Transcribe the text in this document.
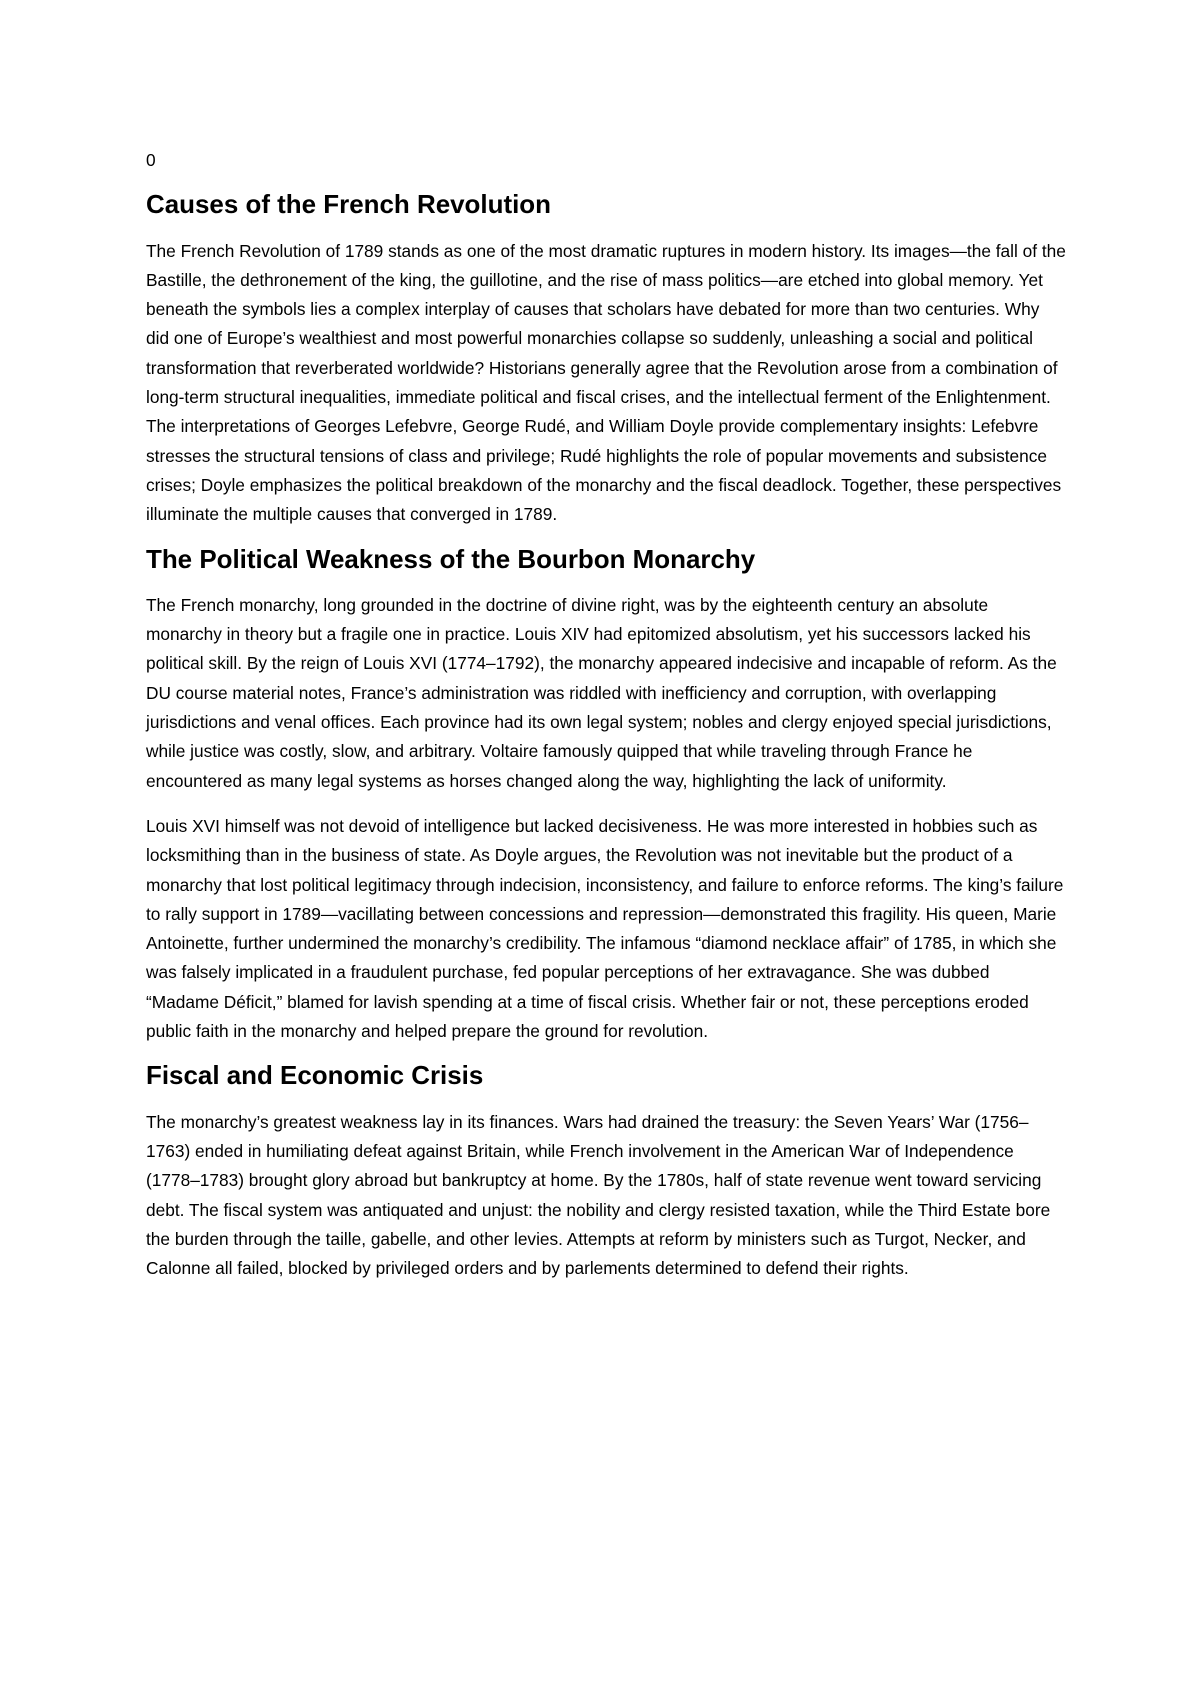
0

Causes of the French Revolution

The French Revolution of 1789 stands as one of the most dramatic ruptures in modern history. Its images—the fall of the Bastille, the dethronement of the king, the guillotine, and the rise of mass politics—are etched into global memory. Yet beneath the symbols lies a complex interplay of causes that scholars have debated for more than two centuries. Why did one of Europe’s wealthiest and most powerful monarchies collapse so suddenly, unleashing a social and political transformation that reverberated worldwide? Historians generally agree that the Revolution arose from a combination of long-term structural inequalities, immediate political and fiscal crises, and the intellectual ferment of the Enlightenment. The interpretations of Georges Lefebvre, George Rudé, and William Doyle provide complementary insights: Lefebvre stresses the structural tensions of class and privilege; Rudé highlights the role of popular movements and subsistence crises; Doyle emphasizes the political breakdown of the monarchy and the fiscal deadlock. Together, these perspectives illuminate the multiple causes that converged in 1789.

The Political Weakness of the Bourbon Monarchy

The French monarchy, long grounded in the doctrine of divine right, was by the eighteenth century an absolute monarchy in theory but a fragile one in practice. Louis XIV had epitomized absolutism, yet his successors lacked his political skill. By the reign of Louis XVI (1774–1792), the monarchy appeared indecisive and incapable of reform. As the DU course material notes, France’s administration was riddled with inefficiency and corruption, with overlapping jurisdictions and venal offices. Each province had its own legal system; nobles and clergy enjoyed special jurisdictions, while justice was costly, slow, and arbitrary. Voltaire famously quipped that while traveling through France he encountered as many legal systems as horses changed along the way, highlighting the lack of uniformity.

Louis XVI himself was not devoid of intelligence but lacked decisiveness. He was more interested in hobbies such as locksmithing than in the business of state. As Doyle argues, the Revolution was not inevitable but the product of a monarchy that lost political legitimacy through indecision, inconsistency, and failure to enforce reforms. The king’s failure to rally support in 1789—vacillating between concessions and repression—demonstrated this fragility. His queen, Marie Antoinette, further undermined the monarchy’s credibility. The infamous “diamond necklace affair” of 1785, in which she was falsely implicated in a fraudulent purchase, fed popular perceptions of her extravagance. She was dubbed “Madame Déficit,” blamed for lavish spending at a time of fiscal crisis. Whether fair or not, these perceptions eroded public faith in the monarchy and helped prepare the ground for revolution.

Fiscal and Economic Crisis

The monarchy’s greatest weakness lay in its finances. Wars had drained the treasury: the Seven Years’ War (1756–1763) ended in humiliating defeat against Britain, while French involvement in the American War of Independence (1778–1783) brought glory abroad but bankruptcy at home. By the 1780s, half of state revenue went toward servicing debt. The fiscal system was antiquated and unjust: the nobility and clergy resisted taxation, while the Third Estate bore the burden through the taille, gabelle, and other levies. Attempts at reform by ministers such as Turgot, Necker, and Calonne all failed, blocked by privileged orders and by parlements determined to defend their rights.
